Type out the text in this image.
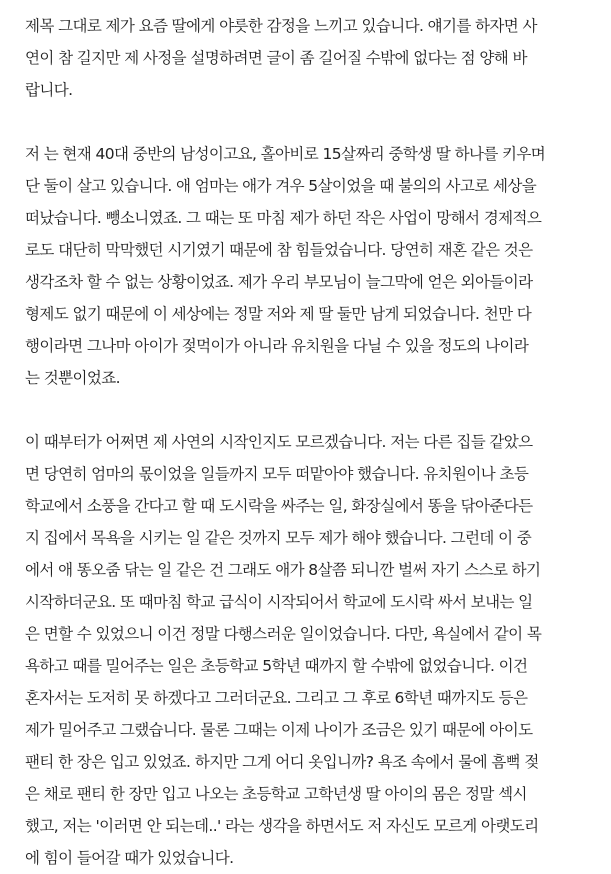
제목 그대로 제가 요즘 딸에게 야릇한 감정을 느끼고 있습니다. 얘기를 하자면 사
연이 참 길지만 제 사정을 설명하려면 글이 좀 길어질 수밖에 없다는 점 양해 바
랍니다.
저 는 현재 40대 중반의 남성이고요, 홀아비로 15살짜리 중학생 딸 하나를 키우며
단 둘이 살고 있습니다. 애 엄마는 애가 겨우 5살이었을 때 불의의 사고로 세상을
떠났습니다. 뺑소니였죠. 그 때는 또 마침 제가 하던 작은 사업이 망해서 경제적으
로도 대단히 막막했던 시기였기 때문에 참 힘들었습니다. 당연히 재혼 같은 것은
생각조차 할 수 없는 상황이었죠. 제가 우리 부모님이 늘그막에 얻은 외아들이라
형제도 없기 때문에 이 세상에는 정말 저와 제 딸 둘만 남게 되었습니다. 천만 다
행이라면 그나마 아이가 젖먹이가 아니라 유치원을 다닐 수 있을 정도의 나이라
는 것뿐이었죠.
이 때부터가 어쩌면 제 사연의 시작인지도 모르겠습니다. 저는 다른 집들 같았으
면 당연히 엄마의 몫이었을 일들까지 모두 떠맡아야 했습니다. 유치원이나 초등
학교에서 소풍을 간다고 할 때 도시락을 싸주는 일, 화장실에서 똥을 닦아준다든
지 집에서 목욕을 시키는 일 같은 것까지 모두 제가 해야 했습니다. 그런데 이 중
에서 애 똥오줌 닦는 일 같은 건 그래도 애가 8살쯤 되니깐 벌써 자기 스스로 하기
시작하더군요. 또 때마침 학교 급식이 시작되어서 학교에 도시락 싸서 보내는 일
은 면할 수 있었으니 이건 정말 다행스러운 일이었습니다. 다만, 욕실에서 같이 목
욕하고 때를 밀어주는 일은 초등학교 5학년 때까지 할 수밖에 없었습니다. 이건
혼자서는 도저히 못 하겠다고 그러더군요. 그리고 그 후로 6학년 때까지도 등은
제가 밀어주고 그랬습니다. 물론 그때는 이제 나이가 조금은 있기 때문에 아이도
팬티 한 장은 입고 있었죠. 하지만 그게 어디 옷입니까? 욕조 속에서 물에 흠뻑 젖
은 채로 팬티 한 장만 입고 나오는 초등학교 고학년생 딸 아이의 몸은 정말 섹시
했고, 저는 '이러면 안 되는데..' 라는 생각을 하면서도 저 자신도 모르게 아랫도리
에 힘이 들어갈 때가 있었습니다.
